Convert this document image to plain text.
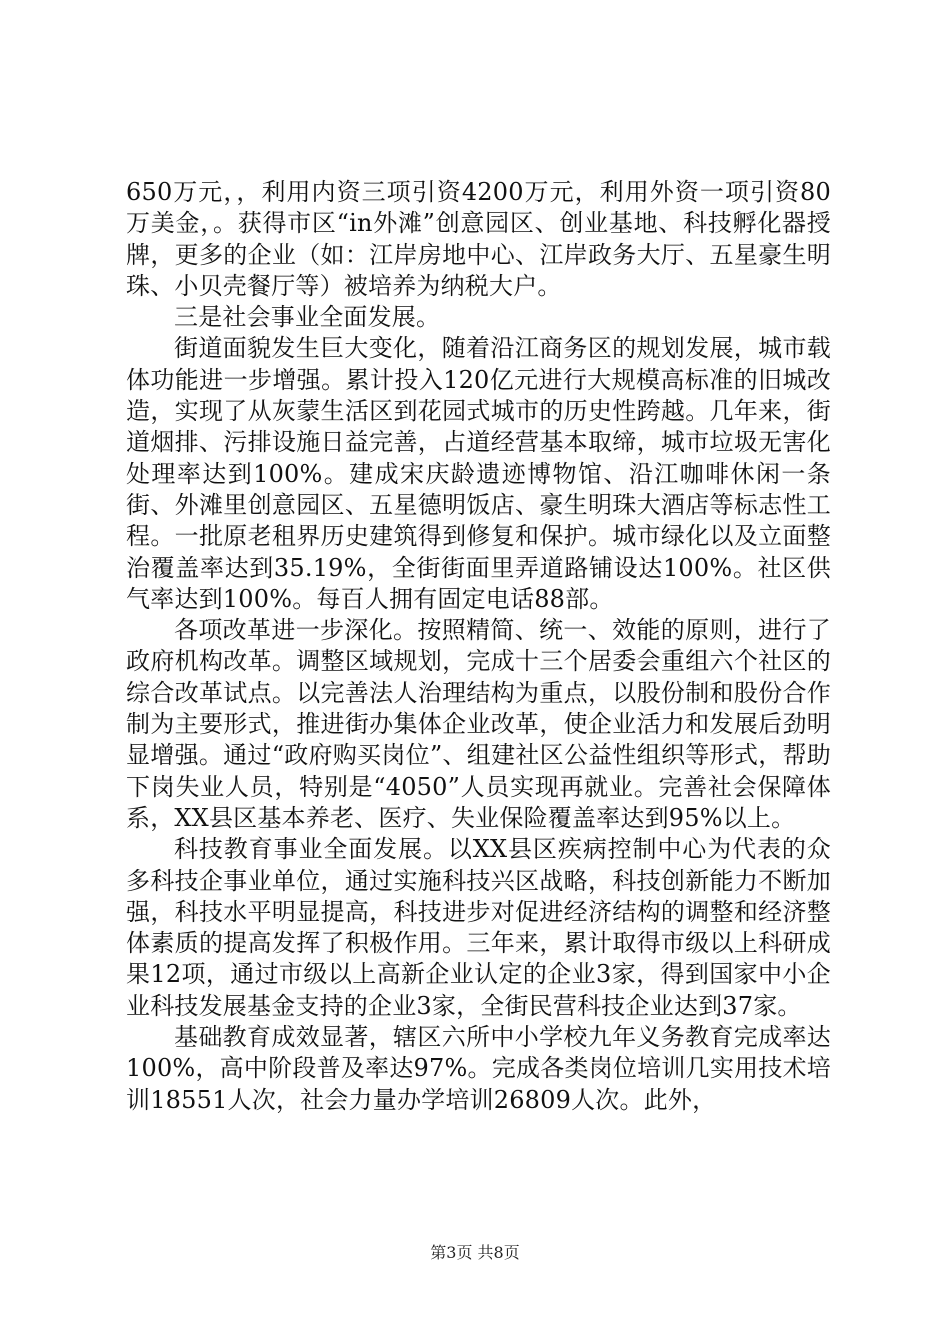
650万元，，利用内资三项引资4200万元，利用外资一项引资80万美金，。获得市区“in外滩”创意园区、创业基地、科技孵化器授牌，更多的企业（如：江岸房地中心、江岸政务大厅、五星豪生明珠、小贝壳餐厅等）被培养为纳税大户。

三是社会事业全面发展。

街道面貌发生巨大变化，随着沿江商务区的规划发展，城市载体功能进一步增强。累计投入120亿元进行大规模高标准的旧城改造，实现了从灰蒙生活区到花园式城市的历史性跨越。几年来，街道烟排、污排设施日益完善，占道经营基本取缔，城市垃圾无害化处理率达到100%。建成宋庆龄遗迹博物馆、沿江咖啡休闲一条街、外滩里创意园区、五星德明饭店、豪生明珠大酒店等标志性工程。一批原老租界历史建筑得到修复和保护。城市绿化以及立面整治覆盖率达到35.19%，全街街面里弄道路铺设达100%。社区供气率达到100%。每百人拥有固定电话88部。

各项改革进一步深化。按照精简、统一、效能的原则，进行了政府机构改革。调整区域规划，完成十三个居委会重组六个社区的综合改革试点。以完善法人治理结构为重点，以股份制和股份合作制为主要形式，推进街办集体企业改革，使企业活力和发展后劲明显增强。通过“政府购买岗位”、组建社区公益性组织等形式，帮助下岗失业人员，特别是“4050”人员实现再就业。完善社会保障体系，XX县区基本养老、医疗、失业保险覆盖率达到95%以上。

科技教育事业全面发展。以XX县区疾病控制中心为代表的众多科技企事业单位，通过实施科技兴区战略，科技创新能力不断加强，科技水平明显提高，科技进步对促进经济结构的调整和经济整体素质的提高发挥了积极作用。三年来，累计取得市级以上科研成果12项，通过市级以上高新企业认定的企业3家，得到国家中小企业科技发展基金支持的企业3家，全街民营科技企业达到37家。

基础教育成效显著，辖区六所中小学校九年义务教育完成率达100%，高中阶段普及率达97%。完成各类岗位培训几实用技术培训18551人次，社会力量办学培训26809人次。此外，

第3页 共8页
